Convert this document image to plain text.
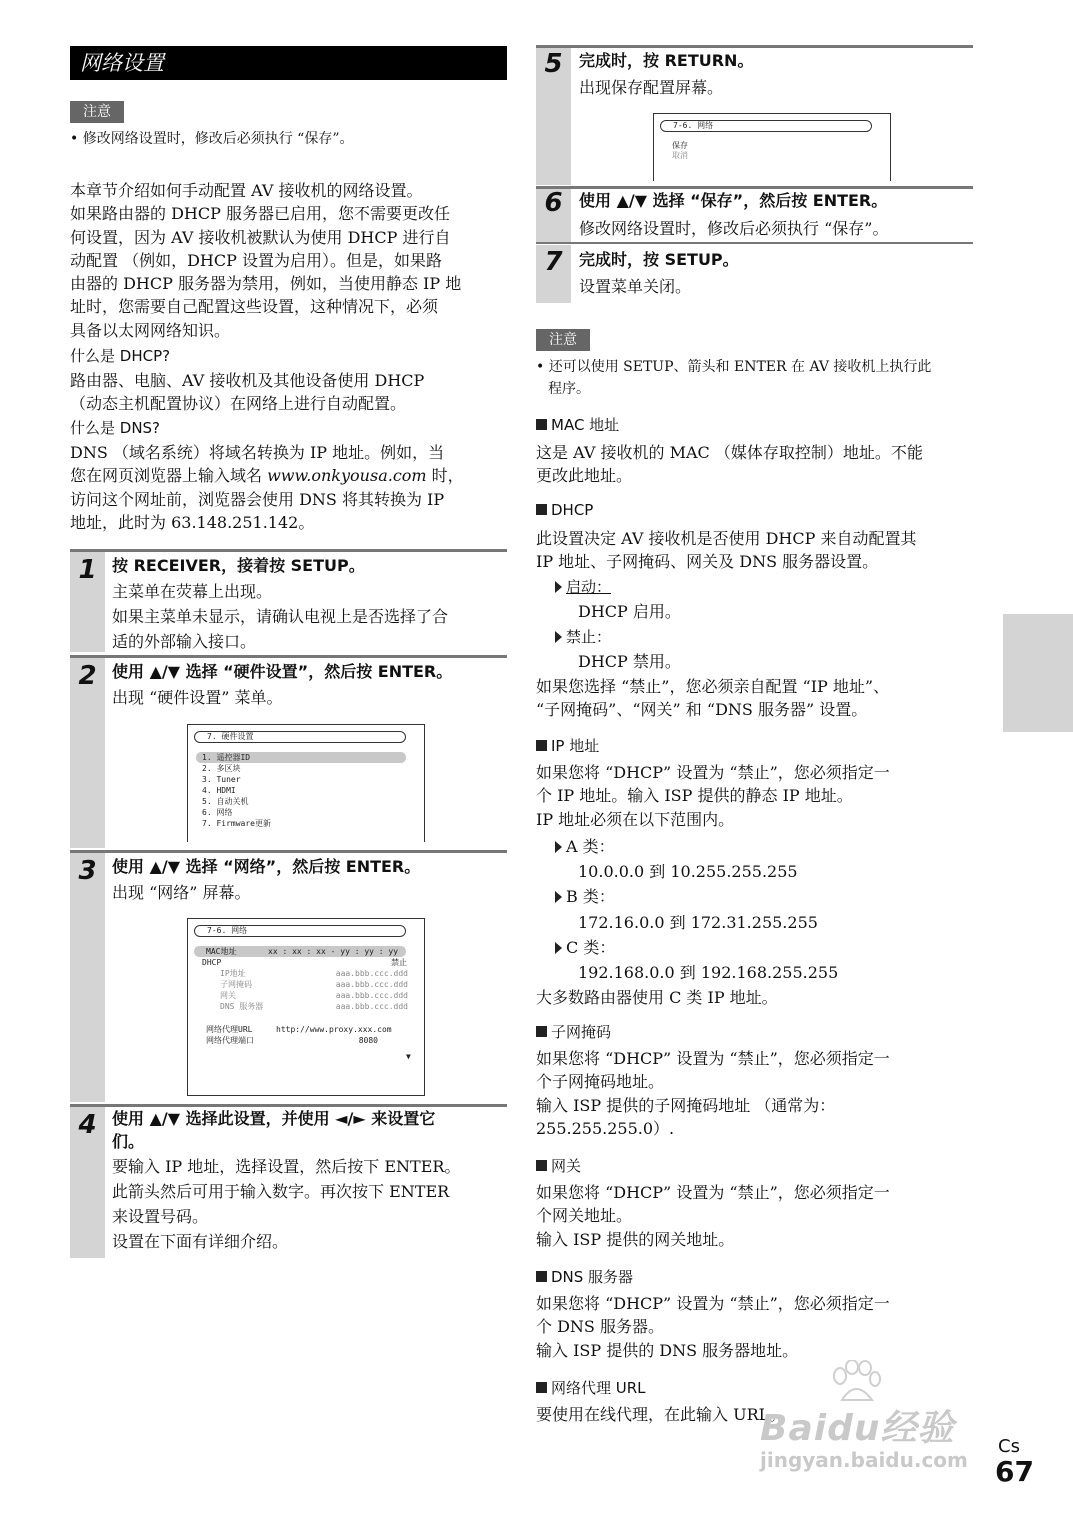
网络设置
注意
• 修改网络设置时，修改后必须执行 “保存”。
本章节介绍如何手动配置 AV 接收机的网络设置。
如果路由器的 DHCP 服务器已启用，您不需要更改任
何设置，因为 AV 接收机被默认为使用 DHCP 进行自
动配置 （例如，DHCP 设置为启用）。但是，如果路
由器的 DHCP 服务器为禁用，例如，当使用静态 IP 地
址时，您需要自己配置这些设置，这种情况下，必须
具备以太网网络知识。
什么是 DHCP?
路由器、电脑、AV 接收机及其他设备使用 DHCP
（动态主机配置协议）在网络上进行自动配置。
什么是 DNS?
DNS （域名系统）将域名转换为 IP 地址。例如，当
您在网页浏览器上输入域名 www.onkyousa.com 时，
访问这个网址前，浏览器会使用 DNS 将其转换为 IP
地址，此时为 63.148.251.142。
1 按 RECEIVER，接着按 SETUP。
主菜单在荧幕上出现。
如果主菜单未显示，请确认电视上是否选择了合
适的外部输入接口。
2 使用 ▲/▼ 选择 “硬件设置”，然后按 ENTER。
出现 “硬件设置” 菜单。
7. 硬件设置
1. 遥控器ID
2. 多区块
3. Tuner
4. HDMI
5. 自动关机
6. 网络
7. Firmware更新
3 使用 ▲/▼ 选择 “网络”，然后按 ENTER。
出现 “网络” 屏幕。
7-6. 网络
MAC地址	xx : xx : xx - yy : yy : yy
DHCP	禁止
IP地址	aaa.bbb.ccc.ddd
子网掩码	aaa.bbb.ccc.ddd
网关	aaa.bbb.ccc.ddd
DNS 服务器	aaa.bbb.ccc.ddd
网络代理URL	http://www.proxy.xxx.com
网络代理端口	8080
▼
4 使用 ▲/▼ 选择此设置，并使用 ◄/► 来设置它
们。
要输入 IP 地址，选择设置，然后按下 ENTER。
此箭头然后可用于输入数字。再次按下 ENTER
来设置号码。
设置在下面有详细介绍。
5	完成时，按 RETURN。
出现保存配置屏幕。
7-6. 网络
保存
取消
6	使用 ▲/▼ 选择 “保存”，然后按 ENTER。
修改网络设置时，修改后必须执行 “保存”。
7	完成时，按 SETUP。
设置菜单关闭。
注意
• 还可以使用 SETUP、箭头和 ENTER 在 AV 接收机上执行此
程序。
MAC 地址
这是 AV 接收机的 MAC （媒体存取控制）地址。不能
更改此地址。
DHCP
此设置决定 AV 接收机是否使用 DHCP 来自动配置其
IP 地址、子网掩码、网关及 DNS 服务器设置。
启动：
DHCP 启用。
禁止：
DHCP 禁用。
如果您选择 “禁止”，您必须亲自配置 “IP 地址”、
“子网掩码”、“网关” 和 “DNS 服务器” 设置。
IP 地址
如果您将 “DHCP” 设置为 “禁止”，您必须指定一
个 IP 地址。输入 ISP 提供的静态 IP 地址。
IP 地址必须在以下范围内。
A 类：
10.0.0.0 到 10.255.255.255
B 类：
172.16.0.0 到 172.31.255.255
C 类：
192.168.0.0 到 192.168.255.255
大多数路由器使用 C 类 IP 地址。
子网掩码
如果您将 “DHCP” 设置为 “禁止”，您必须指定一
个子网掩码地址。
输入 ISP 提供的子网掩码地址 （通常为：
255.255.255.0）.
网关
如果您将 “DHCP” 设置为 “禁止”，您必须指定一
个网关地址。
输入 ISP 提供的网关地址。
DNS 服务器
如果您将 “DHCP” 设置为 “禁止”，您必须指定一
个 DNS 服务器。
输入 ISP 提供的 DNS 服务器地址。
网络代理 URL
要使用在线代理，在此输入 URL。
Baidu经验
jingyan.baidu.com
Cs
67
